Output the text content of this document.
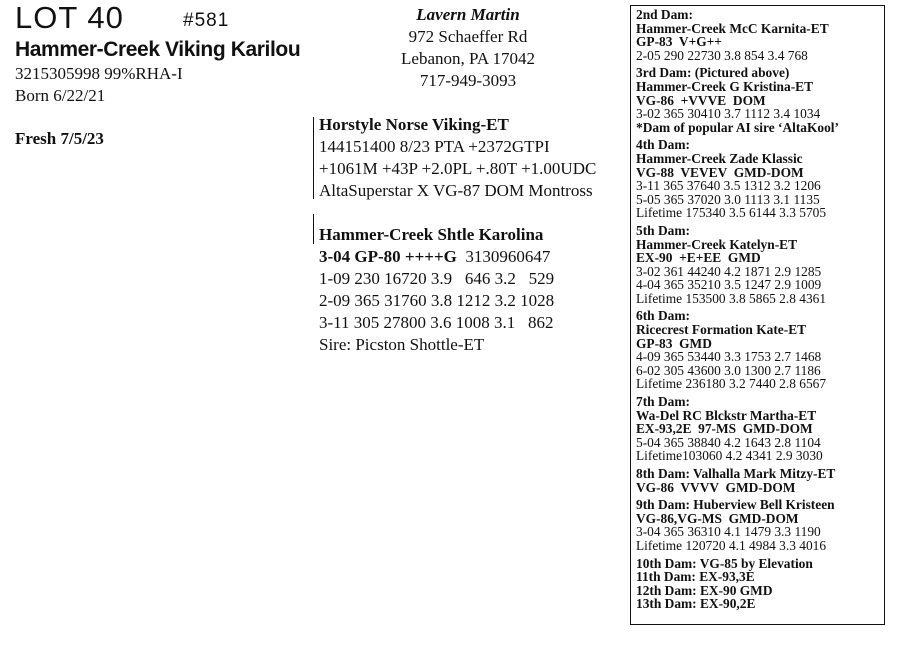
LOT 40	#581
Hammer-Creek Viking Karilou
3215305998 99%RHA-I
Born 6/22/21
Fresh 7/5/23
Lavern Martin
972 Schaeffer Rd
Lebanon, PA 17042
717-949-3093
Horstyle Norse Viking-ET
144151400 8/23 PTA +2372GTPI
+1061M +43P +2.0PL +.80T +1.00UDC
AltaSuperstar X VG-87 DOM Montross
Hammer-Creek Shtle Karolina
3-04 GP-80 ++++G 3130960647
1-09 230 16720 3.9   646 3.2   529
2-09 365 31760 3.8 1212 3.2 1028
3-11 305 27800 3.6 1008 3.1   862
Sire: Picston Shottle-ET
2nd Dam:
Hammer-Creek McC Karnita-ET
GP-83  V+G++
2-05 290 22730 3.8 854 3.4 768
3rd Dam: (Pictured above)
Hammer-Creek G Kristina-ET
VG-86  +VVVE  DOM
3-02 365 30410 3.7 1112 3.4 1034
*Dam of popular AI sire ‘AltaKool’
4th Dam:
Hammer-Creek Zade Klassic
VG-88  VEVEV  GMD-DOM
3-11 365 37640 3.5 1312 3.2 1206
5-05 365 37020 3.0 1113 3.1 1135
Lifetime 175340 3.5 6144 3.3 5705
5th Dam:
Hammer-Creek Katelyn-ET
EX-90  +E+EE  GMD
3-02 361 44240 4.2 1871 2.9 1285
4-04 365 35210 3.5 1247 2.9 1009
Lifetime 153500 3.8 5865 2.8 4361
6th Dam:
Ricecrest Formation Kate-ET
GP-83  GMD
4-09 365 53440 3.3 1753 2.7 1468
6-02 305 43600 3.0 1300 2.7 1186
Lifetime 236180 3.2 7440 2.8 6567
7th Dam:
Wa-Del RC Blckstr Martha-ET
EX-93,2E  97-MS  GMD-DOM
5-04 365 38840 4.2 1643 2.8 1104
Lifetime103060 4.2 4341 2.9 3030
8th Dam: Valhalla Mark Mitzy-ET
VG-86  VVVV  GMD-DOM
9th Dam: Huberview Bell Kristeen
VG-86,VG-MS  GMD-DOM
3-04 365 36310 4.1 1479 3.3 1190
Lifetime 120720 4.1 4984 3.3 4016
10th Dam: VG-85 by Elevation
11th Dam: EX-93,3E
12th Dam: EX-90 GMD
13th Dam: EX-90,2E
